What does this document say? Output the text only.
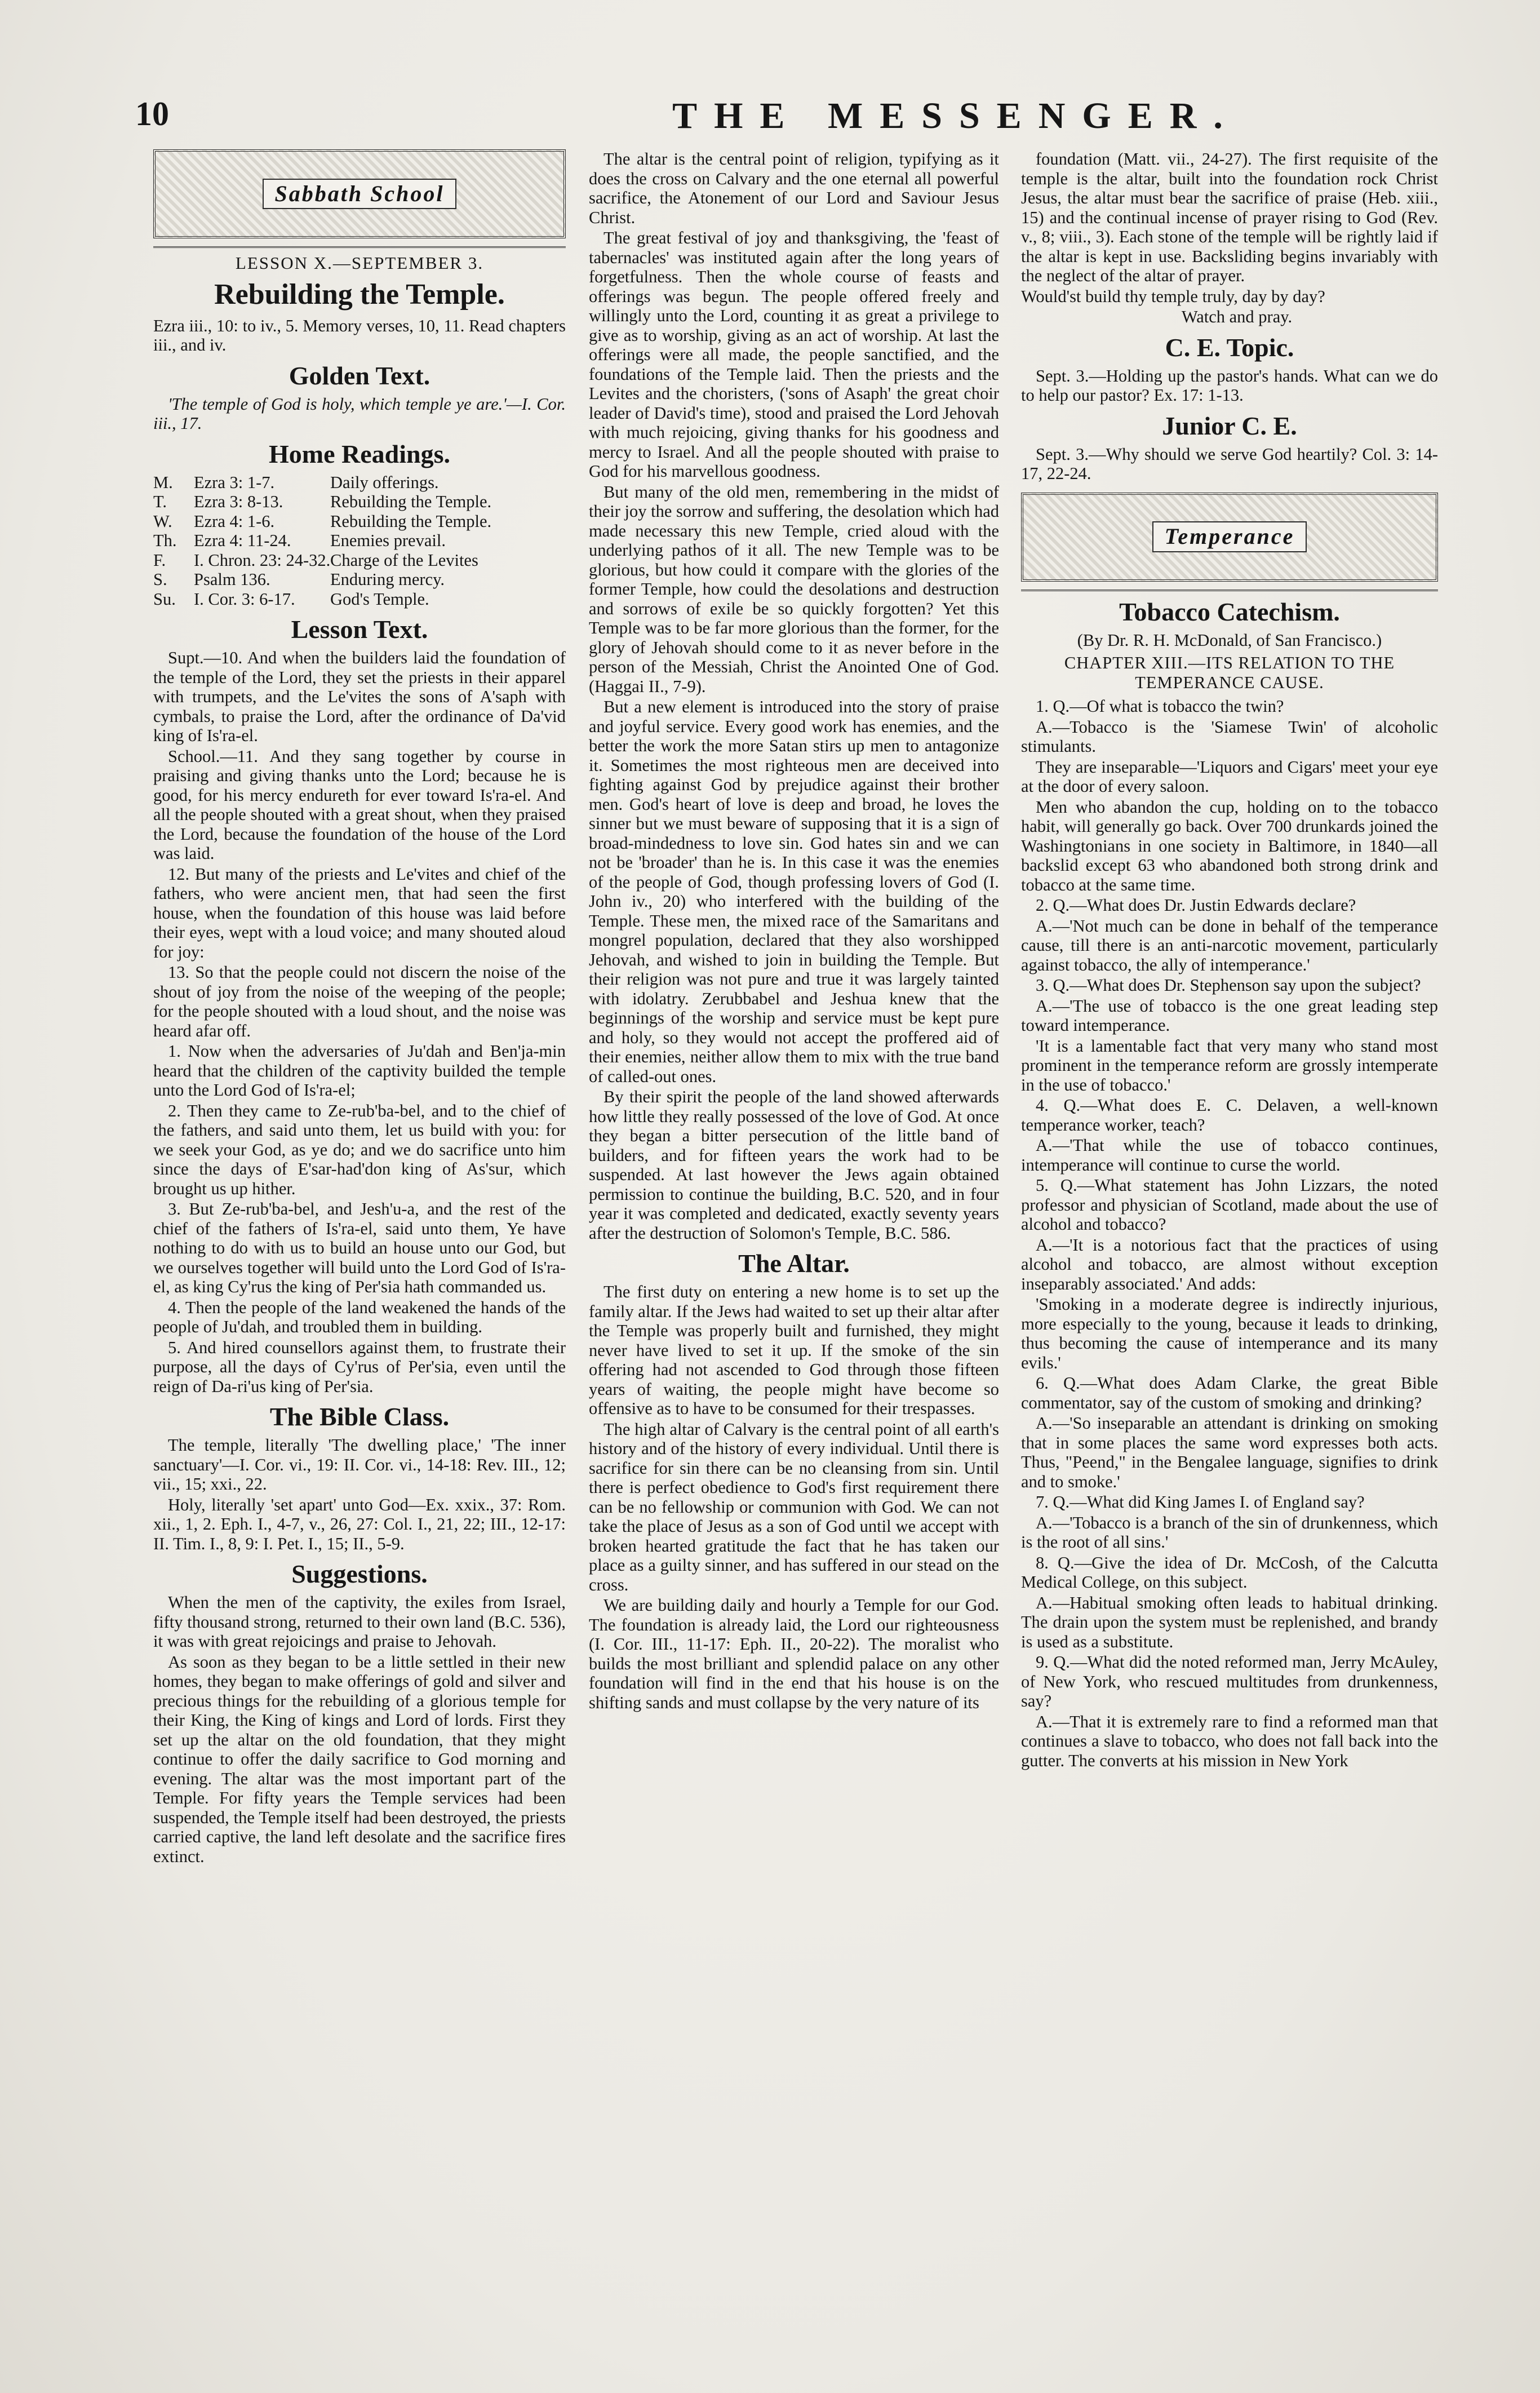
10	THE MESSENGER.
Sabbath School
LESSON X.—SEPTEMBER 3.
Rebuilding the Temple.

Ezra iii., 10: to iv., 5. Memory verses, 10, 11. Read chapters iii., and iv.

Golden Text.

'The temple of God is holy, which temple ye are.'—I. Cor. iii., 17.

Home Readings.
M.	Ezra 3: 1-7.	Daily offerings.
T.	Ezra 3: 8-13.	Rebuilding the Temple.
W.	Ezra 4: 1-6.	Rebuilding the Temple.
Th. Ezra 4: 11-24.	Enemies prevail.
F.	I. Chron. 23: 24-32. Charge of the Levites
S.	Psalm 136.	Enduring mercy.
Su.	I. Cor. 3: 6-17.	God's Temple.
Lesson Text.

Supt.—10. And when the builders laid the foundation of the temple of the Lord, they set the priests in their apparel with trumpets, and the Le'vites the sons of A'saph with cymbals, to praise the Lord, after the ordinance of Da'vid king of Is'ra-el.

School.—11. And they sang together by course in praising and giving thanks unto the Lord; because he is good, for his mercy endureth for ever toward Is'ra-el. And all the people shouted with a great shout, when they praised the Lord, because the foundation of the house of the Lord was laid.

12. But many of the priests and Le'vites and chief of the fathers, who were ancient men, that had seen the first house, when the foundation of this house was laid before their eyes, wept with a loud voice; and many shouted aloud for joy:

13. So that the people could not discern the noise of the shout of joy from the noise of the weeping of the people; for the people shouted with a loud shout, and the noise was heard afar off.

1. Now when the adversaries of Ju'dah and Ben'ja-min heard that the children of the captivity builded the temple unto the Lord God of Is'ra-el;

2. Then they came to Ze-rub'ba-bel, and to the chief of the fathers, and said unto them, let us build with you: for we seek your God, as ye do; and we do sacrifice unto him since the days of E'sar-had'don king of As'sur, which brought us up hither.

3. But Ze-rub'ba-bel, and Jesh'u-a, and the rest of the chief of the fathers of Is'ra-el, said unto them, Ye have nothing to do with us to build an house unto our God, but we ourselves together will build unto the Lord God of Is'ra-el, as king Cy'rus the king of Per'sia hath commanded us.

4. Then the people of the land weakened the hands of the people of Ju'dah, and troubled them in building.

5. And hired counsellors against them, to frustrate their purpose, all the days of Cy'rus of Per'sia, even until the reign of Da-ri'us king of Per'sia.

The Bible Class.

The temple, literally 'The dwelling place,' 'The inner sanctuary'—I. Cor. vi., 19: II. Cor. vi., 14-18: Rev. III., 12; vii., 15; xxi., 22.

Holy, literally 'set apart' unto God—Ex. xxix., 37: Rom. xii., 1, 2. Eph. I., 4-7, v., 26, 27: Col. I., 21, 22; III., 12-17: II. Tim. I., 8, 9: I. Pet. I., 15; II., 5-9.

Suggestions.

When the men of the captivity, the exiles from Israel, fifty thousand strong, returned to their own land (B.C. 536), it was with great rejoicings and praise to Jehovah.

As soon as they began to be a little settled in their new homes, they began to make offerings of gold and silver and precious things for the rebuilding of a glorious temple for their King, the King of kings and Lord of lords. First they set up the altar on the old foundation, that they might continue to offer the daily sacrifice to God morning and evening. The altar was the most important part of the Temple. For fifty years the Temple services had been suspended, the Temple itself had been destroyed, the priests carried captive, the land left desolate and the sacrifice fires extinct.

The altar is the central point of religion, typifying as it does the cross on Calvary and the one eternal all powerful sacrifice, the Atonement of our Lord and Saviour Jesus Christ.

The great festival of joy and thanksgiving, the 'feast of tabernacles' was instituted again after the long years of forgetfulness. Then the whole course of feasts and offerings was begun. The people offered freely and willingly unto the Lord, counting it as great a privilege to give as to worship, giving as an act of worship. At last the offerings were all made, the people sanctified, and the foundations of the Temple laid. Then the priests and the Levites and the choristers, ('sons of Asaph' the great choir leader of David's time), stood and praised the Lord Jehovah with much rejoicing, giving thanks for his goodness and mercy to Israel. And all the people shouted with praise to God for his marvellous goodness.

But many of the old men, remembering in the midst of their joy the sorrow and suffering, the desolation which had made necessary this new Temple, cried aloud with the underlying pathos of it all. The new Temple was to be glorious, but how could it compare with the glories of the former Temple, how could the desolations and destruction and sorrows of exile be so quickly forgotten? Yet this Temple was to be far more glorious than the former, for the glory of Jehovah should come to it as never before in the person of the Messiah, Christ the Anointed One of God. (Haggai II., 7-9).

But a new element is introduced into the story of praise and joyful service. Every good work has enemies, and the better the work the more Satan stirs up men to antagonize it. Sometimes the most righteous men are deceived into fighting against God by prejudice against their brother men. God's heart of love is deep and broad, he loves the sinner but we must beware of supposing that it is a sign of broad-mindedness to love sin. God hates sin and we can not be 'broader' than he is. In this case it was the enemies of the people of God, though professing lovers of God (I. John iv., 20) who interfered with the building of the Temple. These men, the mixed race of the Samaritans and mongrel population, declared that they also worshipped Jehovah, and wished to join in building the Temple. But their religion was not pure and true it was largely tainted with idolatry. Zerubbabel and Jeshua knew that the beginnings of the worship and service must be kept pure and holy, so they would not accept the proffered aid of their enemies, neither allow them to mix with the true band of called-out ones.

By their spirit the people of the land showed afterwards how little they really possessed of the love of God. At once they began a bitter persecution of the little band of builders, and for fifteen years the work had to be suspended. At last however the Jews again obtained permission to continue the building, B.C. 520, and in four year it was completed and dedicated, exactly seventy years after the destruction of Solomon's Temple, B.C. 586.

The Altar.

The first duty on entering a new home is to set up the family altar. If the Jews had waited to set up their altar after the Temple was properly built and furnished, they might never have lived to set it up. If the smoke of the sin offering had not ascended to God through those fifteen years of waiting, the people might have become so offensive as to have to be consumed for their trespasses.

The high altar of Calvary is the central point of all earth's history and of the history of every individual. Until there is sacrifice for sin there can be no cleansing from sin. Until there is perfect obedience to God's first requirement there can be no fellowship or communion with God. We can not take the place of Jesus as a son of God until we accept with broken hearted gratitude the fact that he has taken our place as a guilty sinner, and has suffered in our stead on the cross.

We are building daily and hourly a Temple for our God. The foundation is already laid, the Lord our righteousness (I. Cor. III., 11-17: Eph. II., 20-22). The moralist who builds the most brilliant and splendid palace on any other foundation will find in the end that his house is on the shifting sands and must collapse by the very nature of its

foundation (Matt. vii., 24-27). The first requisite of the temple is the altar, built into the foundation rock Christ Jesus, the altar must bear the sacrifice of praise (Heb. xiii., 15) and the continual incense of prayer rising to God (Rev. v., 8; viii., 3). Each stone of the temple will be rightly laid if the altar is kept in use. Backsliding begins invariably with the neglect of the altar of prayer.

Would'st build thy temple truly, day by day?

Watch and pray.

C. E. Topic.

Sept. 3.—Holding up the pastor's hands. What can we do to help our pastor? Ex. 17: 1-13.

Junior C. E.

Sept. 3.—Why should we serve God heartily? Col. 3: 14-17, 22-24.

Temperance
Tobacco Catechism.
(By Dr. R. H. McDonald, of San Francisco.)
CHAPTER XIII.—ITS RELATION TO THE TEMPERANCE CAUSE.

1. Q.—Of what is tobacco the twin?

A.—Tobacco is the 'Siamese Twin' of alcoholic stimulants.

They are inseparable—'Liquors and Cigars' meet your eye at the door of every saloon.

Men who abandon the cup, holding on to the tobacco habit, will generally go back. Over 700 drunkards joined the Washingtonians in one society in Baltimore, in 1840—all backslid except 63 who abandoned both strong drink and tobacco at the same time.

2. Q.—What does Dr. Justin Edwards declare?

A.—'Not much can be done in behalf of the temperance cause, till there is an anti-narcotic movement, particularly against tobacco, the ally of intemperance.'

3. Q.—What does Dr. Stephenson say upon the subject?

A.—'The use of tobacco is the one great leading step toward intemperance.

'It is a lamentable fact that very many who stand most prominent in the temperance reform are grossly intemperate in the use of tobacco.'

4. Q.—What does E. C. Delaven, a well-known temperance worker, teach?

A.—'That while the use of tobacco continues, intemperance will continue to curse the world.

5. Q.—What statement has John Lizzars, the noted professor and physician of Scotland, made about the use of alcohol and tobacco?

A.—'It is a notorious fact that the practices of using alcohol and tobacco, are almost without exception inseparably associated.' And adds:

'Smoking in a moderate degree is indirectly injurious, more especially to the young, because it leads to drinking, thus becoming the cause of intemperance and its many evils.'

6. Q.—What does Adam Clarke, the great Bible commentator, say of the custom of smoking and drinking?

A.—'So inseparable an attendant is drinking on smoking that in some places the same word expresses both acts. Thus, "Peend," in the Bengalee language, signifies to drink and to smoke.'

7. Q.—What did King James I. of England say?

A.—'Tobacco is a branch of the sin of drunkenness, which is the root of all sins.'

8. Q.—Give the idea of Dr. McCosh, of the Calcutta Medical College, on this subject.

A.—Habitual smoking often leads to habitual drinking. The drain upon the system must be replenished, and brandy is used as a substitute.

9. Q.—What did the noted reformed man, Jerry McAuley, of New York, who rescued multitudes from drunkenness, say?

A.—That it is extremely rare to find a reformed man that continues a slave to tobacco, who does not fall back into the gutter. The converts at his mission in New York
